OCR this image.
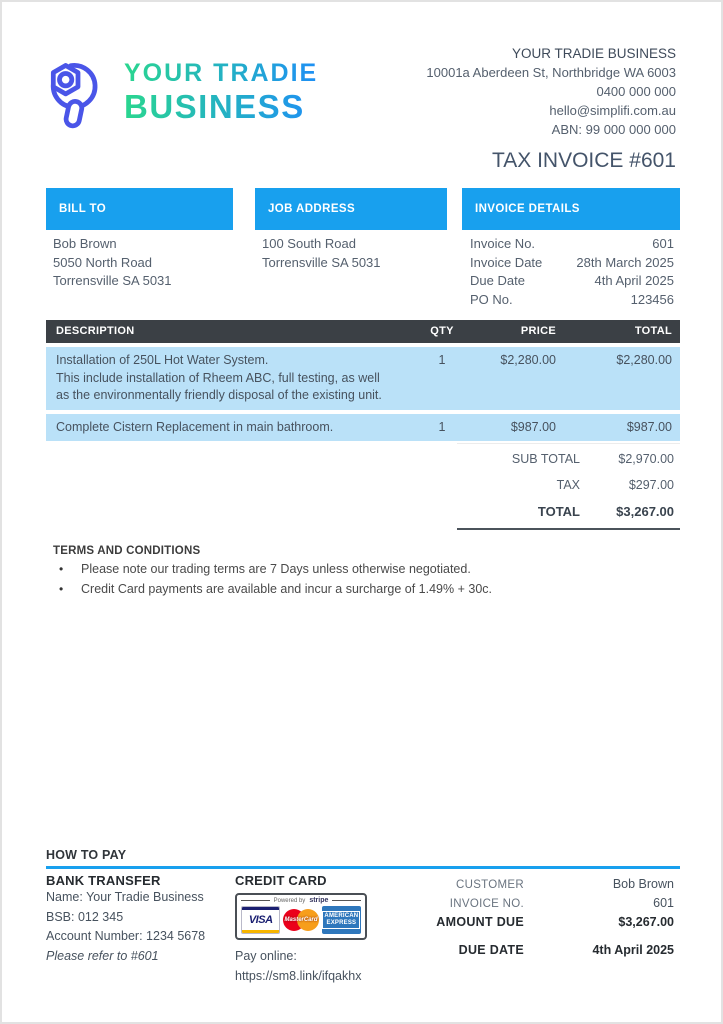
YOUR TRADIE
BUSINESS
YOUR TRADIE BUSINESS
10001a Aberdeen St, Northbridge WA 6003
0400 000 000
hello@simplifi.com.au
ABN: 99 000 000 000
TAX INVOICE #601
BILL TO	JOB ADDRESS	INVOICE DETAILS
Bob Brown
5050 North Road
Torrensville SA 5031
100 South Road
Torrensville SA 5031
Invoice No.	601
Invoice Date	28th March 2025
Due Date	4th April 2025
PO No.	123456
DESCRIPTION	QTY	PRICE	TOTAL
Installation of 250L Hot Water System.
This include installation of Rheem ABC, full testing, as well as the environmentally friendly disposal of the existing unit.
1	$2,280.00	$2,280.00
Complete Cistern Replacement in main bathroom.	1	$987.00	$987.00
SUB TOTAL	$2,970.00
TAX	$297.00
TOTAL	$3,267.00
TERMS AND CONDITIONS
•	Please note our trading terms are 7 Days unless otherwise negotiated.
•	Credit Card payments are available and incur a surcharge of 1.49% + 30c.
HOW TO PAY
BANK TRANSFER
Name: Your Tradie Business
BSB: 012 345
Account Number: 1234 5678
Please refer to #601
CREDIT CARD
Powered by stripe
VISA	MasterCard
AMERICAN EXPRESS
Pay online:
https://sm8.link/ifqakhx
CUSTOMER	Bob Brown
INVOICE NO.	601
AMOUNT DUE	$3,267.00
DUE DATE	4th April 2025
